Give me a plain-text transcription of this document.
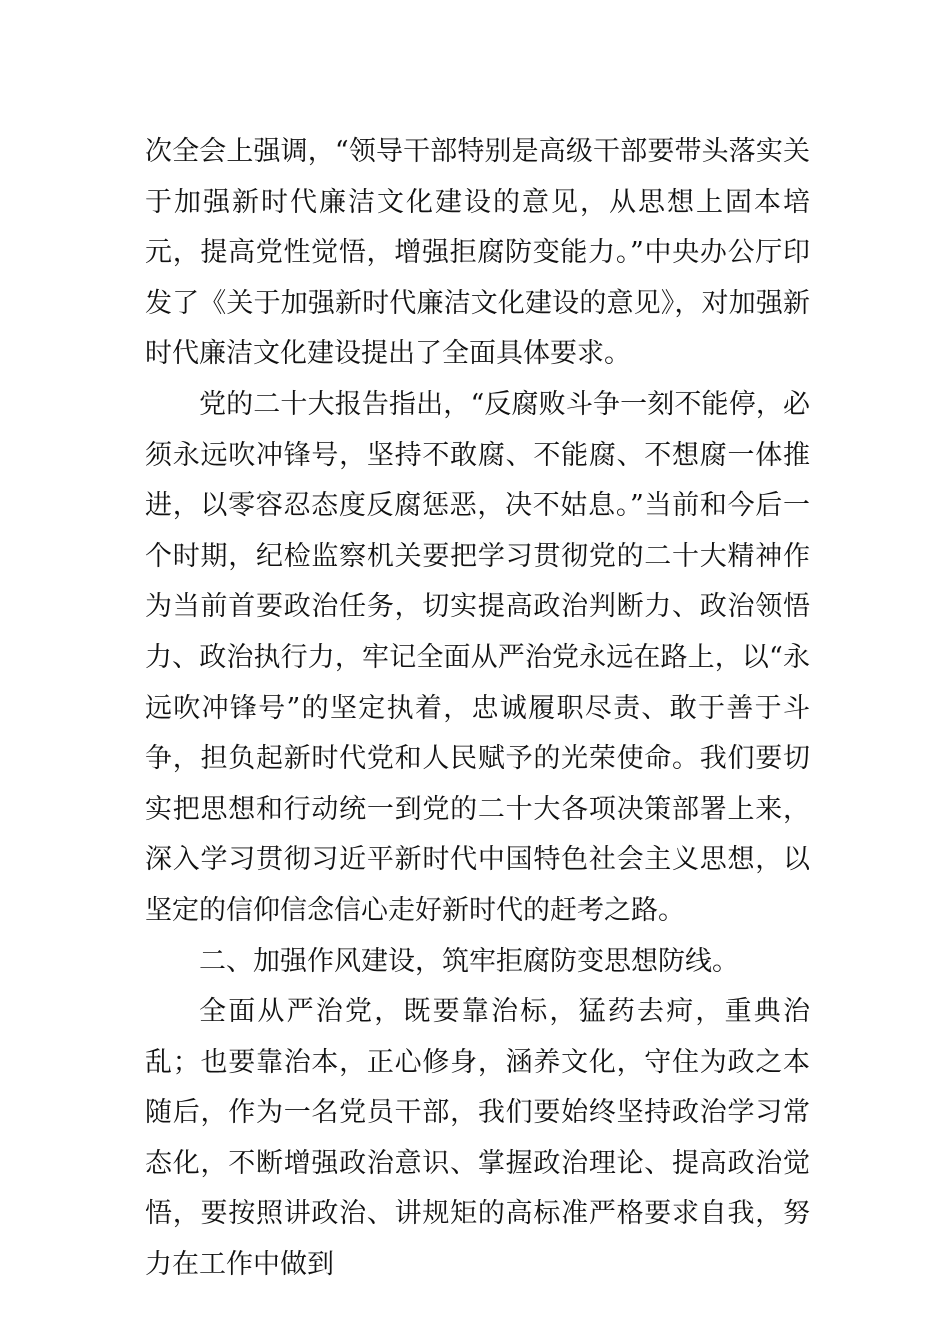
次全会上强调，“领导干部特别是高级干部要带头落实关于加强新时代廉洁文化建设的意见，从思想上固本培元，提高党性觉悟，增强拒腐防变能力。”中央办公厅印发了《关于加强新时代廉洁文化建设的意见》，对加强新时代廉洁文化建设提出了全面具体要求。

党的二十大报告指出，“反腐败斗争一刻不能停，必须永远吹冲锋号，坚持不敢腐、不能腐、不想腐一体推进，以零容忍态度反腐惩恶，决不姑息。”当前和今后一个时期，纪检监察机关要把学习贯彻党的二十大精神作为当前首要政治任务，切实提高政治判断力、政治领悟力、政治执行力，牢记全面从严治党永远在路上，以“永远吹冲锋号”的坚定执着，忠诚履职尽责、敢于善于斗争，担负起新时代党和人民赋予的光荣使命。我们要切实把思想和行动统一到党的二十大各项决策部署上来，深入学习贯彻习近平新时代中国特色社会主义思想，以坚定的信仰信念信心走好新时代的赶考之路。

二、加强作风建设，筑牢拒腐防变思想防线。

全面从严治党，既要靠治标，猛药去疴，重典治乱；也要靠治本，正心修身，涵养文化，守住为政之本随后，作为一名党员干部，我们要始终坚持政治学习常态化，不断增强政治意识、掌握政治理论、提高政治觉悟，要按照讲政治、讲规矩的高标准严格要求自我，努力在工作中做到
